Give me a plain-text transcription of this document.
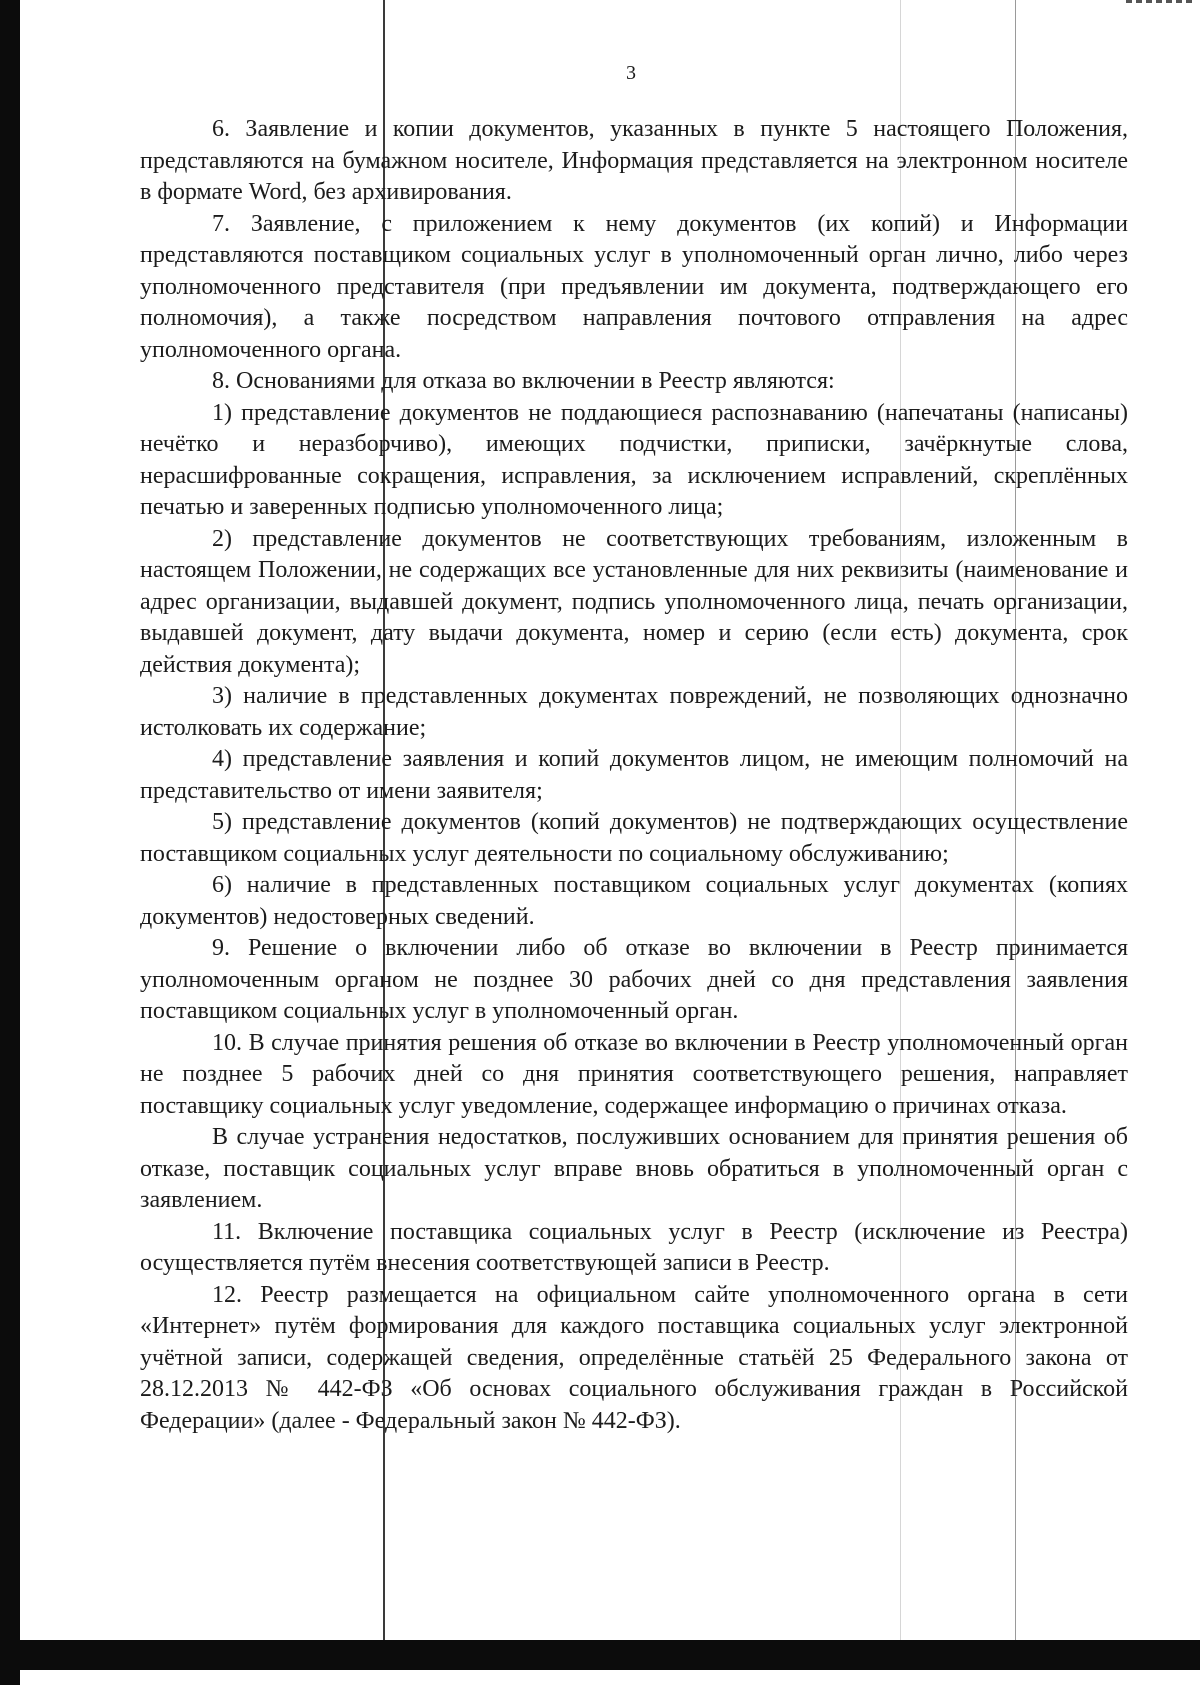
3

6. Заявление и копии документов, указанных в пункте 5 настоящего Положения, представляются на бумажном носителе, Информация представляется на электронном носителе в формате Word, без архивирования.

7. Заявление, с приложением к нему документов (их копий) и Информации представляются поставщиком социальных услуг в уполномоченный орган лично, либо через уполномоченного представителя (при предъявлении им документа, подтверждающего его полномочия), а также посредством направления почтового отправления на адрес уполномоченного органа.

8. Основаниями для отказа во включении в Реестр являются:

1) представление документов не поддающиеся распознаванию (напечатаны (написаны) нечётко и неразборчиво), имеющих подчистки, приписки, зачёркнутые слова, нерасшифрованные сокращения, исправления, за исключением исправлений, скреплённых печатью и заверенных подписью уполномоченного лица;

2) представление документов не соответствующих требованиям, изложенным в настоящем Положении, не содержащих все установленные для них реквизиты (наименование и адрес организации, выдавшей документ, подпись уполномоченного лица, печать организации, выдавшей документ, дату выдачи документа, номер и серию (если есть) документа, срок действия документа);

3) наличие в представленных документах повреждений, не позволяющих однозначно истолковать их содержание;

4) представление заявления и копий документов лицом, не имеющим полномочий на представительство от имени заявителя;

5) представление документов (копий документов) не подтверждающих осуществление поставщиком социальных услуг деятельности по социальному обслуживанию;

6) наличие в представленных поставщиком социальных услуг документах (копиях документов) недостоверных сведений.

9. Решение о включении либо об отказе во включении в Реестр принимается уполномоченным органом не позднее 30 рабочих дней со дня представления заявления поставщиком социальных услуг в уполномоченный орган.

10. В случае принятия решения об отказе во включении в Реестр уполномоченный орган не позднее 5 рабочих дней со дня принятия соответствующего решения, направляет поставщику социальных услуг уведомление, содержащее информацию о причинах отказа.

В случае устранения недостатков, послуживших основанием для принятия решения об отказе, поставщик социальных услуг вправе вновь обратиться в уполномоченный орган с заявлением.

11. Включение поставщика социальных услуг в Реестр (исключение из Реестра) осуществляется путём внесения соответствующей записи в Реестр.

12. Реестр размещается на официальном сайте уполномоченного органа в сети «Интернет» путём формирования для каждого поставщика социальных услуг электронной учётной записи, содержащей сведения, определённые статьёй 25 Федерального закона от 28.12.2013 № 442-ФЗ «Об основах социального обслуживания граждан в Российской Федерации» (далее - Федеральный закон № 442-ФЗ).
